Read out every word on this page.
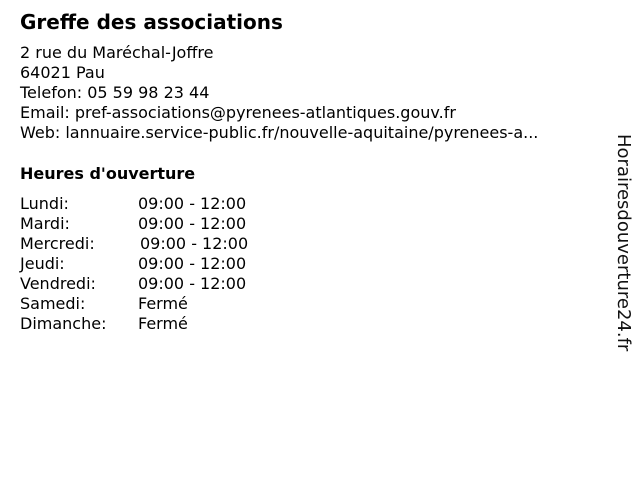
Greffe des associations
2 rue du Maréchal-Joffre
64021 Pau
Telefon: 05 59 98 23 44
Email: pref-associations@pyrenees-atlantiques.gouv.fr
Web: lannuaire.service-public.fr/nouvelle-aquitaine/pyrenees-a...
Heures d'ouverture
Lundi:	09:00 - 12:00
Mardi:	09:00 - 12:00
Mercredi:	09:00 - 12:00
Jeudi:	09:00 - 12:00
Vendredi:	09:00 - 12:00
Samedi:	Fermé
Dimanche: Fermé	Horairesdouverture24.fr
